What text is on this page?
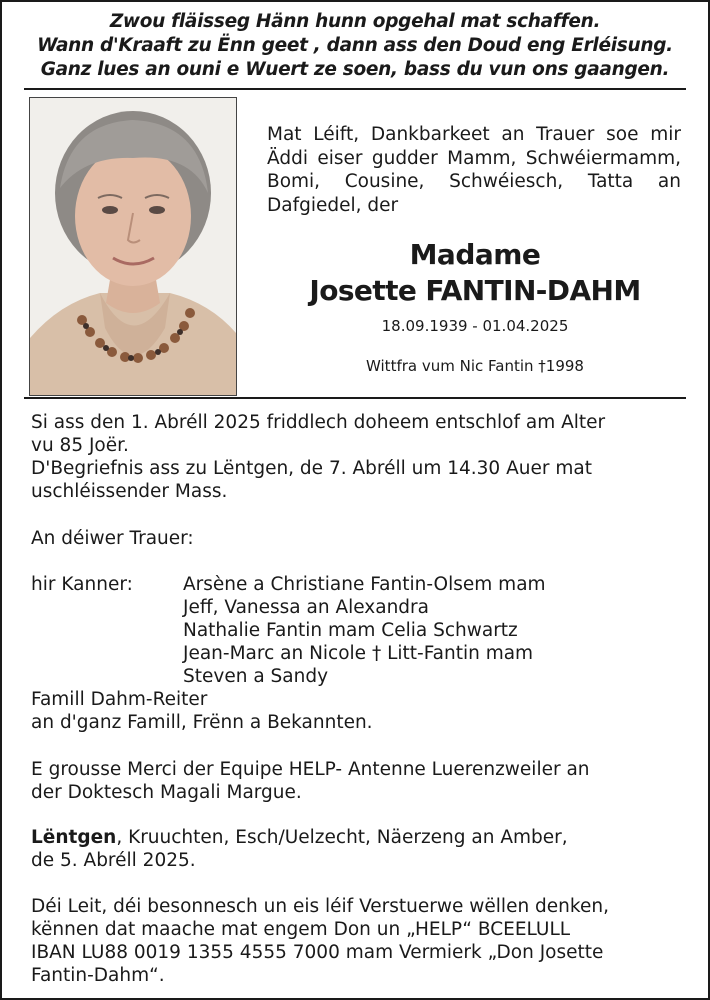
Zwou fläisseg Hänn hunn opgehal mat schaffen.
Wann d'Kraaft zu Ënn geet , dann ass den Doud eng Erléisung.
Ganz lues an ouni e Wuert ze soen, bass du vun ons gaangen.
Mat Léift, Dankbarkeet an Trauer soe mir Äddi eiser gudder Mamm, Schwéiermamm, Bomi, Cousine, Schwéiesch, Tatta an Dafgiedel, der
Madame
Josette FANTIN-DAHM
18.09.1939 - 01.04.2025
Wittfra vum Nic Fantin †1998

Si ass den 1. Abréll 2025 friddlech doheem entschlof am Alter

vu 85 Joër.

D'Begriefnis ass zu Lëntgen, de 7. Abréll um 14.30 Auer mat

uschléissender Mass.

An déiwer Trauer:
hir Kanner:	Arsène a Christiane Fantin-Olsem mam

Jeff, Vanessa an Alexandra

Nathalie Fantin mam Celia Schwartz

Jean-Marc an Nicole † Litt-Fantin mam

Steven a Sandy

Famill Dahm-Reiter

an d'ganz Famill, Frënn a Bekannten.

E grousse Merci der Equipe HELP- Antenne Luerenzweiler an

der Doktesch Magali Margue.

Lëntgen, Kruuchten, Esch/Uelzecht, Näerzeng an Amber,

de 5. Abréll 2025.

Déi Leit, déi besonnesch un eis léif Verstuerwe wëllen denken,

kënnen dat maache mat engem Don un „HELP“ BCEELULL

IBAN LU88 0019 1355 4555 7000 mam Vermierk „Don Josette

Fantin-Dahm“.
